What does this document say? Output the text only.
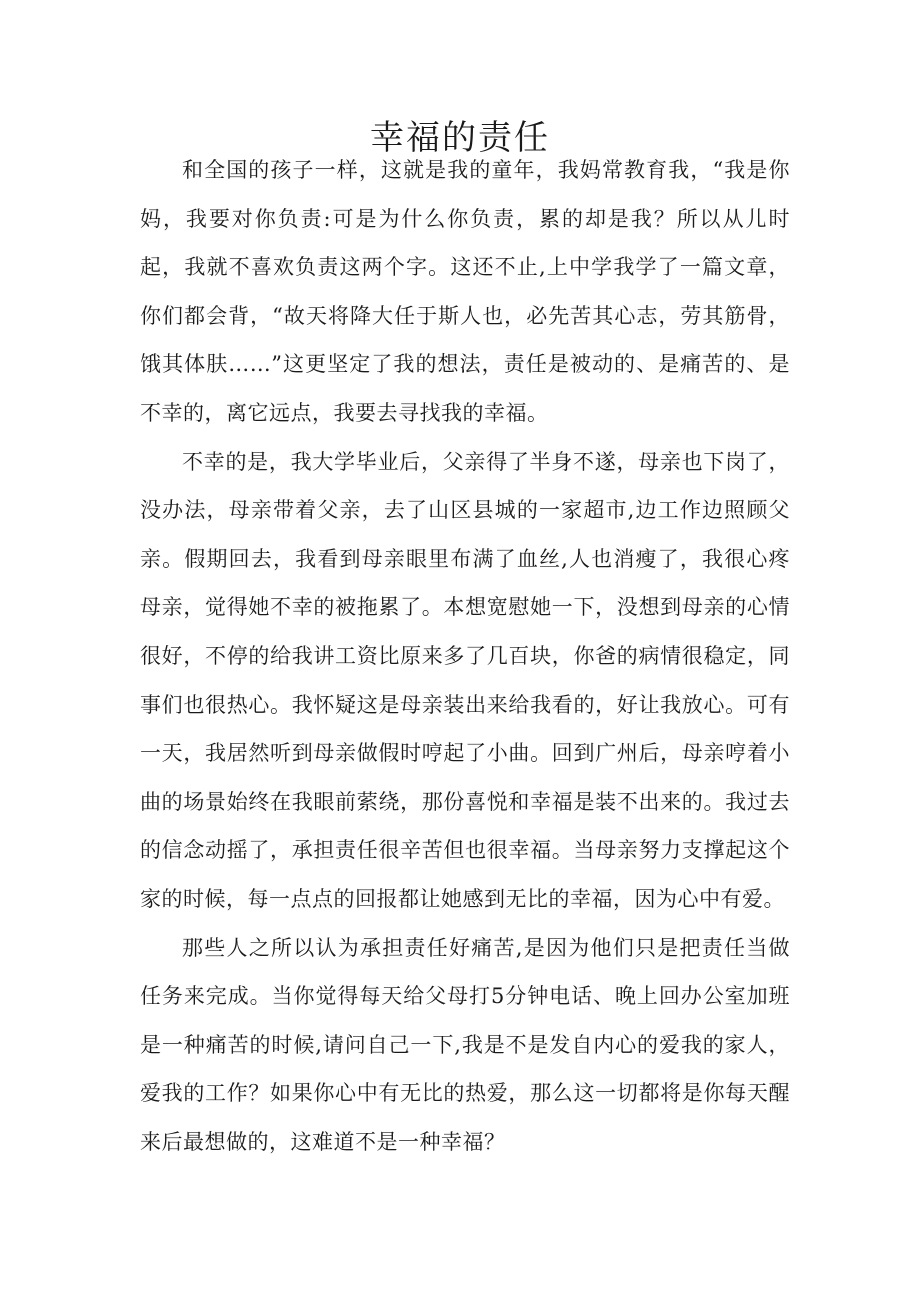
幸福的责任

和全国的孩子一样，这就是我的童年，我妈常教育我，“我是你妈，我要对你负责:可是为什么你负责，累的却是我？所以从儿时起，我就不喜欢负责这两个字。这还不止,上中学我学了一篇文章，你们都会背，“故天将降大任于斯人也，必先苦其心志，劳其筋骨，饿其体肤……”这更坚定了我的想法，责任是被动的、是痛苦的、是不幸的，离它远点，我要去寻找我的幸福。

不幸的是，我大学毕业后，父亲得了半身不遂，母亲也下岗了，没办法，母亲带着父亲，去了山区县城的一家超市,边工作边照顾父亲。假期回去，我看到母亲眼里布满了血丝,人也消瘦了，我很心疼母亲，觉得她不幸的被拖累了。本想宽慰她一下，没想到母亲的心情很好，不停的给我讲工资比原来多了几百块，你爸的病情很稳定，同事们也很热心。我怀疑这是母亲装出来给我看的，好让我放心。可有一天，我居然听到母亲做假时哼起了小曲。回到广州后，母亲哼着小曲的场景始终在我眼前萦绕，那份喜悦和幸福是装不出来的。我过去的信念动摇了，承担责任很辛苦但也很幸福。当母亲努力支撑起这个家的时候，每一点点的回报都让她感到无比的幸福，因为心中有爱。

那些人之所以认为承担责任好痛苦,是因为他们只是把责任当做任务来完成。当你觉得每天给父母打5分钟电话、晚上回办公室加班是一种痛苦的时候,请问自己一下,我是不是发自内心的爱我的家人，爱我的工作？如果你心中有无比的热爱，那么这一切都将是你每天醒来后最想做的，这难道不是一种幸福？
